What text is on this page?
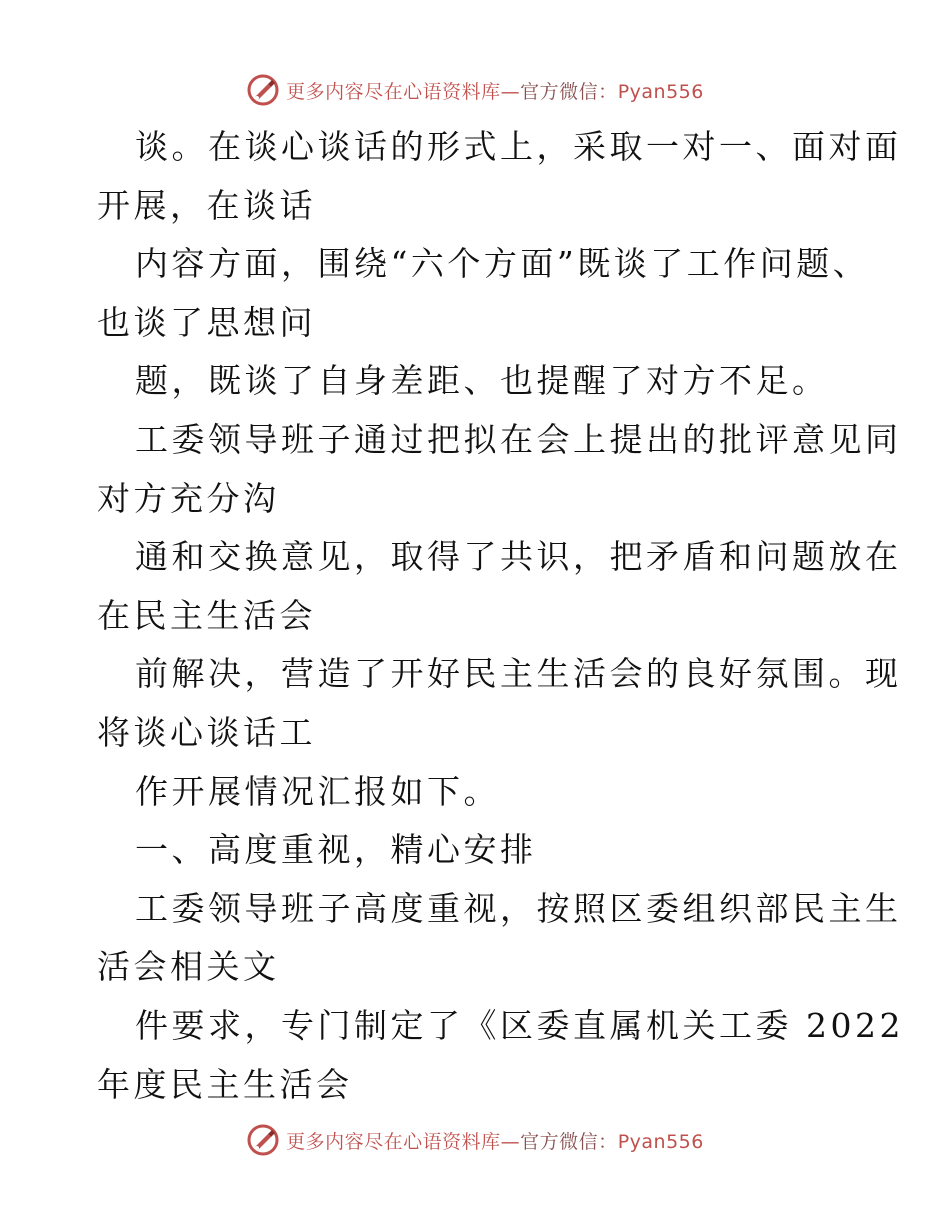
更多内容尽在心语资料库—官方微信：Pyan556
谈。在谈心谈话的形式上，采取一对一、面对面
开展，在谈话
内容方面，围绕“六个方面”既谈了工作问题、
也谈了思想问
题，既谈了自身差距、也提醒了对方不足。
工委领导班子通过把拟在会上提出的批评意见同
对方充分沟
通和交换意见，取得了共识，把矛盾和问题放在
在民主生活会
前解决，营造了开好民主生活会的良好氛围。现
将谈心谈话工
作开展情况汇报如下。
一、高度重视，精心安排
工委领导班子高度重视，按照区委组织部民主生
活会相关文
件要求，专门制定了《区委直属机关工委 2022
年度民主生活会
更多内容尽在心语资料库—官方微信：Pyan556
